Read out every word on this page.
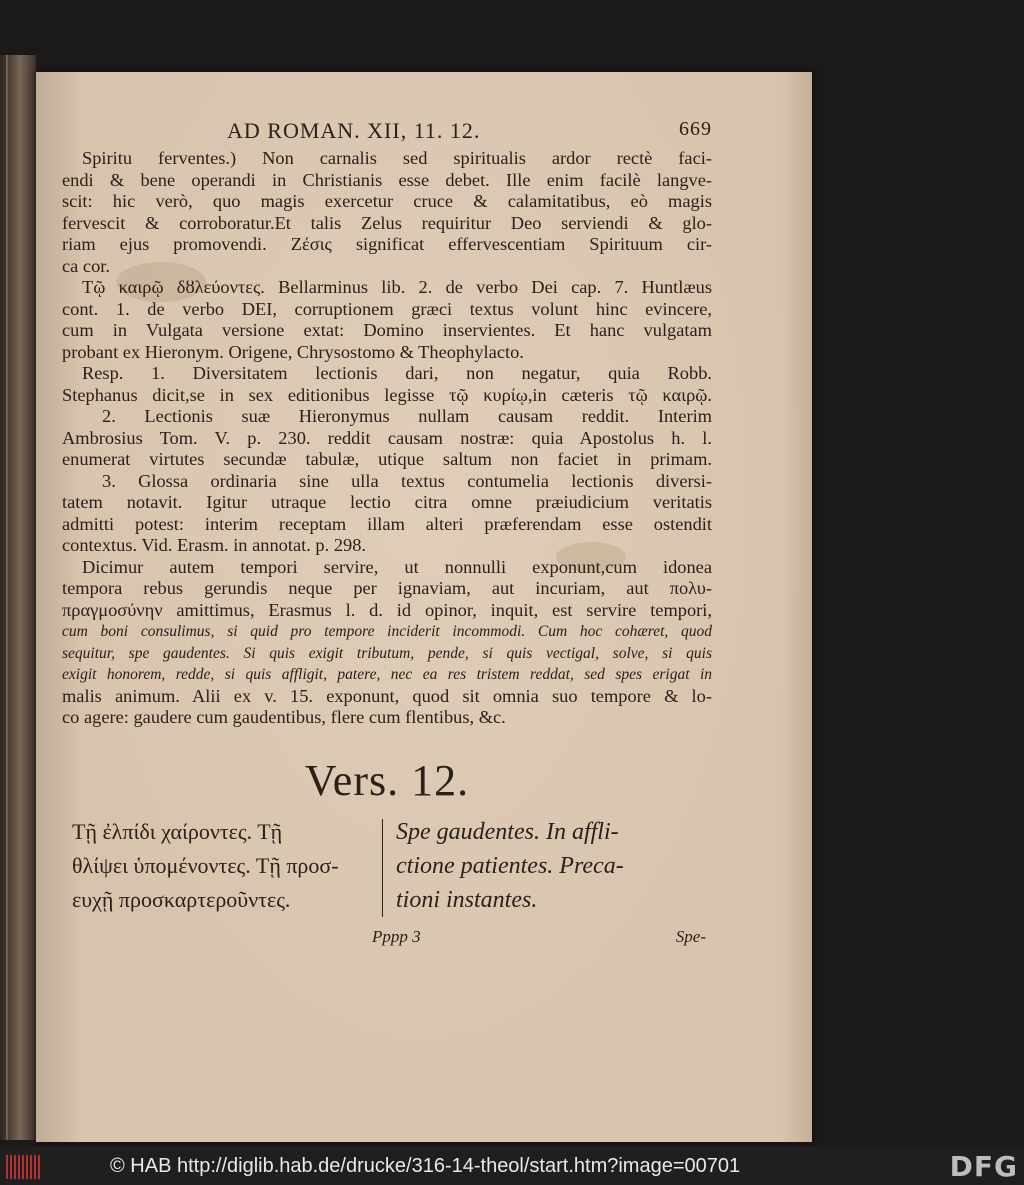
AD ROMAN. XII, 11. 12.	669
Spiritu ferventes.) Non carnalis sed spiritualis ardor rectè faci-
endi & bene operandi in Christianis esse debet. Ille enim facilè langve-
scit: hic verò, quo magis exercetur cruce & calamitatibus, eò magis
fervescit & corroboratur.Et talis Zelus requiritur Deo serviendi & glo-
riam ejus promovendi. Ζέσις significat effervescentiam Spirituum cir-
ca cor.
Τῷ καιρῷ δȣλεύοντες. Bellarminus lib. 2. de verbo Dei cap. 7. Huntlæus
cont. 1. de verbo DEI, corruptionem græci textus volunt hinc evincere,
cum in Vulgata versione extat: Domino inservientes. Et hanc vulgatam
probant ex Hieronym. Origene, Chrysostomo & Theophylacto.
Resp. 1. Diversitatem lectionis dari, non negatur, quia Robb.
Stephanus dicit,se in sex editionibus legisse τῷ κυρίῳ,in cæteris τῷ καιρῷ.
2. Lectionis suæ Hieronymus nullam causam reddit. Interim
Ambrosius Tom. V. p. 230. reddit causam nostræ: quia Apostolus h. l.
enumerat virtutes secundæ tabulæ, utique saltum non faciet in primam.
3. Glossa ordinaria sine ulla textus contumelia lectionis diversi-
tatem notavit. Igitur utraque lectio citra omne præiudicium veritatis
admitti potest: interim receptam illam alteri præferendam esse ostendit
contextus. Vid. Erasm. in annotat. p. 298.
Dicimur autem tempori servire, ut nonnulli exponunt,cum idonea
tempora rebus gerundis neque per ignaviam, aut incuriam, aut πολυ-
πραγμοσύνην amittimus, Erasmus l. d. id opinor, inquit, est servire tempori,
cum boni consulimus, si quid pro tempore inciderit incommodi. Cum hoc cohæret, quod
sequitur, spe gaudentes. Si quis exigit tributum, pende, si quis vectigal, solve, si quis
exigit honorem, redde, si quis affligit, patere, nec ea res tristem reddat, sed spes erigat in
malis animum. Alii ex v. 15. exponunt, quod sit omnia suo tempore & lo-
co agere: gaudere cum gaudentibus, flere cum flentibus, &c.
Vers. 12.
Τῇ ἐλπίδι χαίροντες. Τῇ
θλίψει ὑπομένοντες. Τῇ προσ-
ευχῇ προσκαρτεροῦντες.
Spe gaudentes. In affli-
ctione patientes. Preca-
tioni instantes.
Pppp 3	Spe-
© HAB http://diglib.hab.de/drucke/316-14-theol/start.htm?image=00701	DFG
